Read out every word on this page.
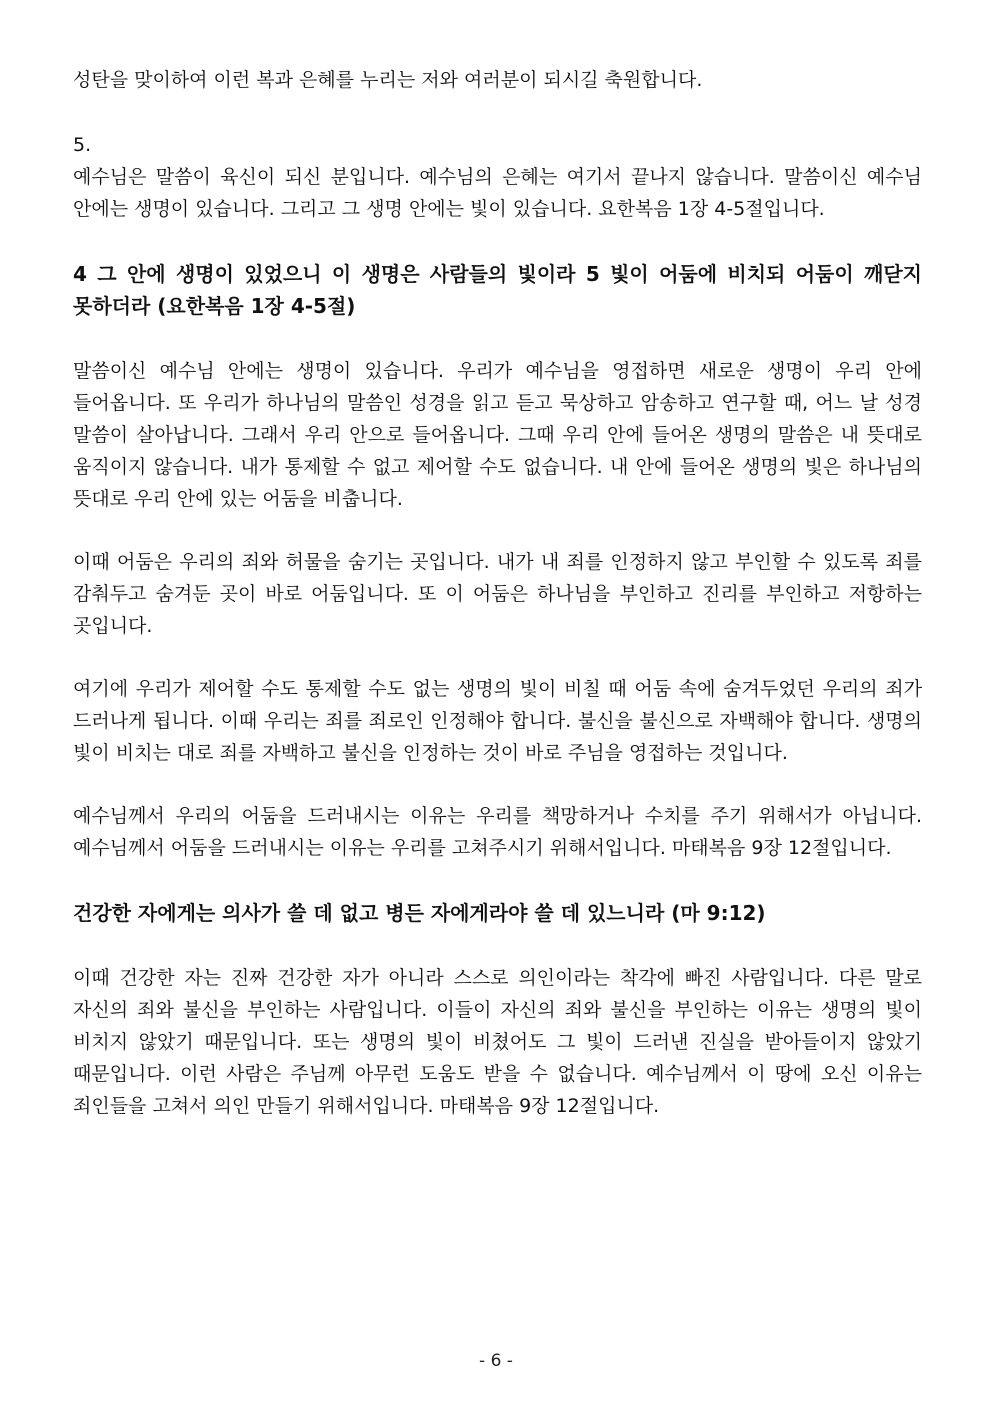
성탄을 맞이하여 이런 복과 은혜를 누리는 저와 여러분이 되시길 축원합니다.

5.

예수님은 말씀이 육신이 되신 분입니다. 예수님의 은혜는 여기서 끝나지 않습니다. 말씀이신 예수님 안에는 생명이 있습니다. 그리고 그 생명 안에는 빛이 있습니다. 요한복음 1장 4-5절입니다.

4 그 안에 생명이 있었으니 이 생명은 사람들의 빛이라 5 빛이 어둠에 비치되 어둠이 깨닫지 못하더라 (요한복음 1장 4-5절)

말씀이신 예수님 안에는 생명이 있습니다. 우리가 예수님을 영접하면 새로운 생명이 우리 안에 들어옵니다. 또 우리가 하나님의 말씀인 성경을 읽고 듣고 묵상하고 암송하고 연구할 때, 어느 날 성경 말씀이 살아납니다. 그래서 우리 안으로 들어옵니다. 그때 우리 안에 들어온 생명의 말씀은 내 뜻대로 움직이지 않습니다. 내가 통제할 수 없고 제어할 수도 없습니다. 내 안에 들어온 생명의 빛은 하나님의 뜻대로 우리 안에 있는 어둠을 비춥니다.

이때 어둠은 우리의 죄와 허물을 숨기는 곳입니다. 내가 내 죄를 인정하지 않고 부인할 수 있도록 죄를 감춰두고 숨겨둔 곳이 바로 어둠입니다. 또 이 어둠은 하나님을 부인하고 진리를 부인하고 저항하는 곳입니다.

여기에 우리가 제어할 수도 통제할 수도 없는 생명의 빛이 비칠 때 어둠 속에 숨겨두었던 우리의 죄가 드러나게 됩니다. 이때 우리는 죄를 죄로인 인정해야 합니다. 불신을 불신으로 자백해야 합니다. 생명의 빛이 비치는 대로 죄를 자백하고 불신을 인정하는 것이 바로 주님을 영접하는 것입니다.

예수님께서 우리의 어둠을 드러내시는 이유는 우리를 책망하거나 수치를 주기 위해서가 아닙니다. 예수님께서 어둠을 드러내시는 이유는 우리를 고쳐주시기 위해서입니다. 마태복음 9장 12절입니다.

건강한 자에게는 의사가 쓸 데 없고 병든 자에게라야 쓸 데 있느니라 (마 9:12)

이때 건강한 자는 진짜 건강한 자가 아니라 스스로 의인이라는 착각에 빠진 사람입니다. 다른 말로 자신의 죄와 불신을 부인하는 사람입니다. 이들이 자신의 죄와 불신을 부인하는 이유는 생명의 빛이 비치지 않았기 때문입니다. 또는 생명의 빛이 비쳤어도 그 빛이 드러낸 진실을 받아들이지 않았기 때문입니다. 이런 사람은 주님께 아무런 도움도 받을 수 없습니다. 예수님께서 이 땅에 오신 이유는 죄인들을 고쳐서 의인 만들기 위해서입니다. 마태복음 9장 12절입니다.

- 6 -
